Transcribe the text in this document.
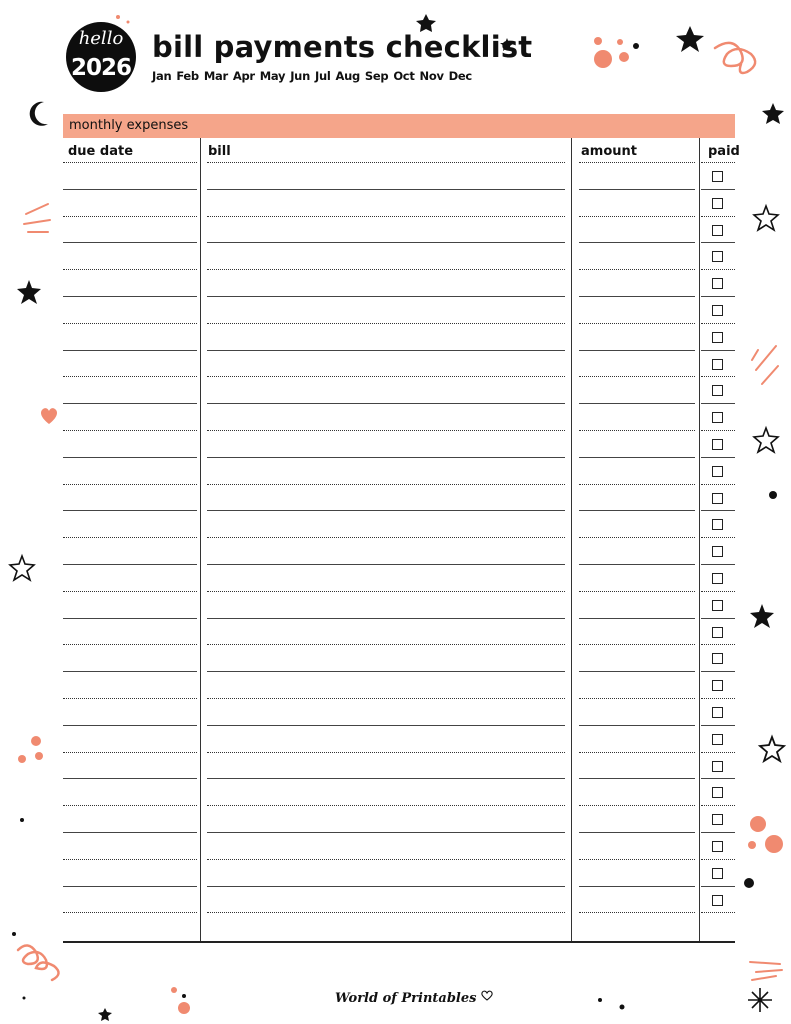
hello
2026
bill payments checklist
Jan Feb Mar Apr May Jun Jul Aug Sep Oct Nov Dec
monthly expenses
due date	bill	amount	paid
World of Printables
